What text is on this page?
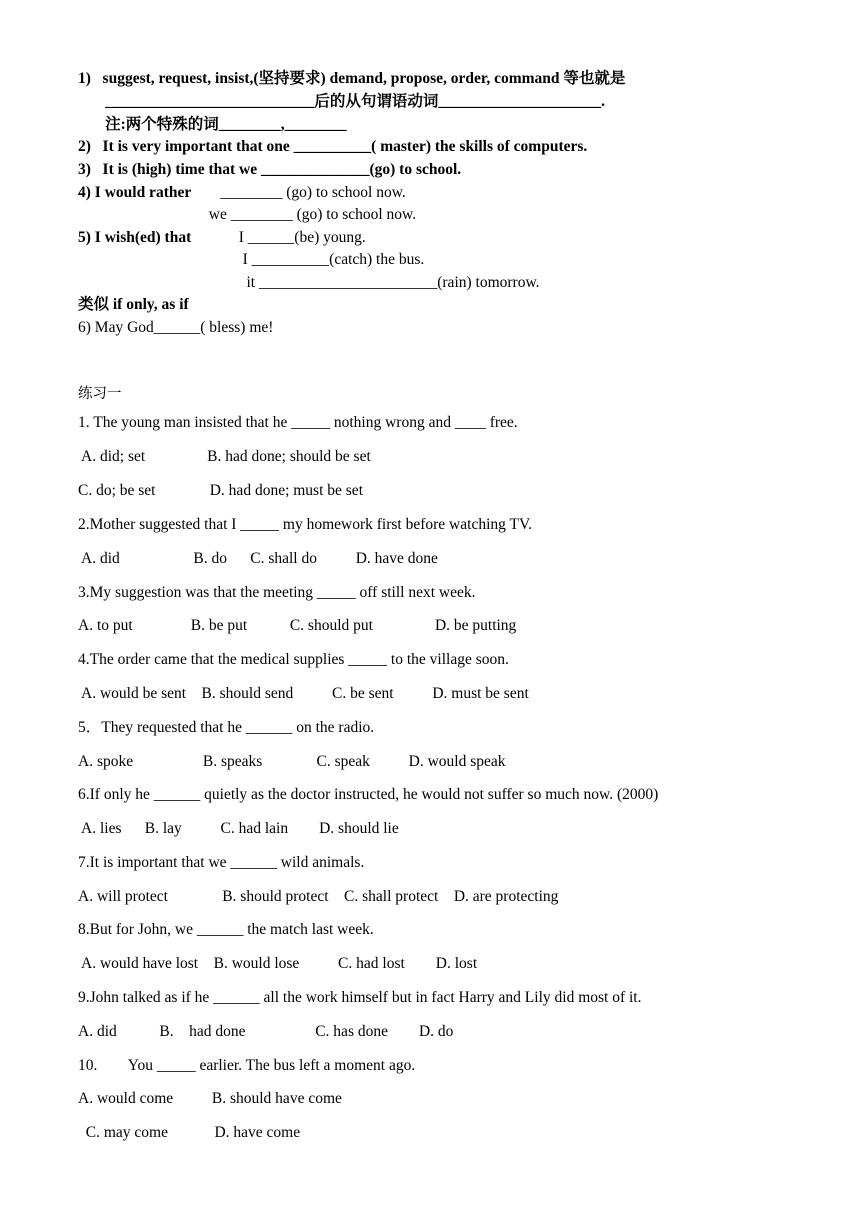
1)   suggest, request, insist,(坚持要求) demand, propose, order, command 等也就是
___________________________后的从句谓语动词_____________________.
注:两个特殊的词________,________
2)   It is very important that one __________( master) the skills of computers.
3)   It is (high) time that we ______________(go) to school.
4) I would rather
________ (go) to school now.
we ________ (go) to school now.
5) I wish(ed) that I ______(be) young.
I __________(catch) the bus.
it _______________________(rain) tomorrow.
类似 if only, as if
6) May God______( bless) me!
练习一
1. The young man insisted that he _____ nothing wrong and ____ free.
A. did; set                B. had done; should be set
C. do; be set              D. had done; must be set
2.Mother suggested that I _____ my homework first before watching TV.
A. did                   B. do      C. shall do          D. have done
3.My suggestion was that the meeting _____ off still next week.
A. to put               B. be put           C. should put                D. be putting
4.The order came that the medical supplies _____ to the village soon.
A. would be sent    B. should send          C. be sent          D. must be sent
5．They requested that he ______ on the radio.
A. spoke                  B. speaks              C. speak          D. would speak
6.If only he ______ quietly as the doctor instructed, he would not suffer so much now. (2000)
A. lies      B. lay          C. had lain        D. should lie
7.It is important that we ______ wild animals.
A. will protect              B. should protect    C. shall protect    D. are protecting
8.But for John, we ______ the match last week.
A. would have lost    B. would lose          C. had lost        D. lost
9.John talked as if he ______ all the work himself but in fact Harry and Lily did most of it.
A. did           B.    had done                  C. has done        D. do
10.        You _____ earlier. The bus left a moment ago.
A. would come          B. should have come
C. may come            D. have come
